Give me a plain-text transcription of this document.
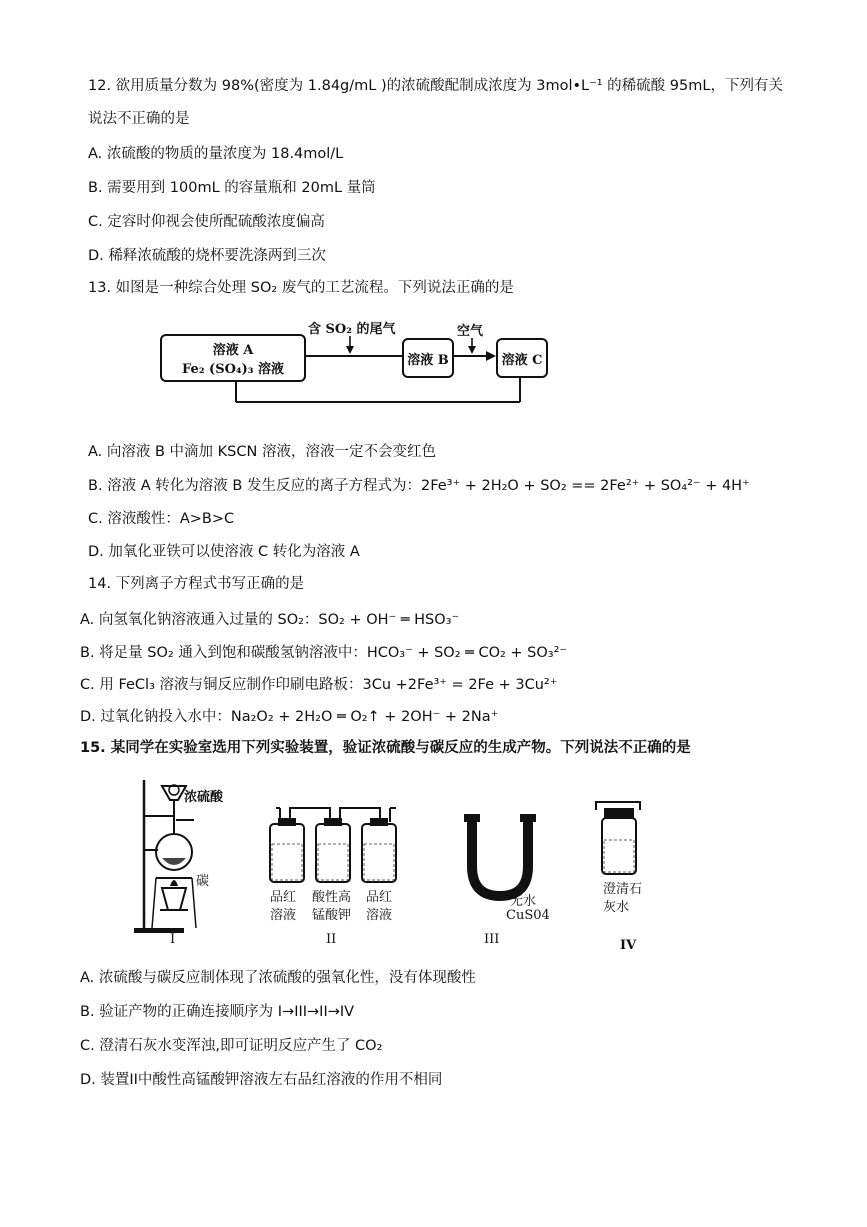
12. 欲用质量分数为 98%(密度为 1.84g/mL )的浓硫酸配制成浓度为 3mol•L⁻¹ 的稀硫酸 95mL，下列有关
说法不正确的是
A. 浓硫酸的物质的量浓度为 18.4mol/L
B. 需要用到 100mL 的容量瓶和 20mL 量筒
C. 定容时仰视会使所配硫酸浓度偏高
D. 稀释浓硫酸的烧杯要洗涤两到三次
13. 如图是一种综合处理 SO₂ 废气的工艺流程。下列说法正确的是
溶液 A
Fe₂ (SO₄)₃ 溶液
溶液 B	溶液 C
含 SO₂ 的尾气	空气
A. 向溶液 B 中滴加 KSCN 溶液，溶液一定不会变红色
B. 溶液 A 转化为溶液 B 发生反应的离子方程式为：2Fe³⁺ + 2H₂O + SO₂ == 2Fe²⁺ + SO₄²⁻ + 4H⁺
C. 溶液酸性：A>B>C
D. 加氧化亚铁可以使溶液 C 转化为溶液 A
14. 下列离子方程式书写正确的是
A. 向氢氧化钠溶液通入过量的 SO₂：SO₂ + OH⁻ ═ HSO₃⁻
B. 将足量 SO₂ 通入到饱和碳酸氢钠溶液中：HCO₃⁻ + SO₂ ═ CO₂ + SO₃²⁻
C. 用 FeCl₃ 溶液与铜反应制作印刷电路板：3Cu +2Fe³⁺ = 2Fe + 3Cu²⁺
D. 过氧化钠投入水中：Na₂O₂ + 2H₂O ═ O₂↑ + 2OH⁻ + 2Na⁺
15. 某同学在实验室选用下列实验装置，验证浓硫酸与碳反应的生成产物。下列说法不正确的是
浓硫酸
碳
品红
溶液
酸性高
锰酸钾
品红
溶液
无水
CuS04
澄清石
灰水
I	II	III	IV
A. 浓硫酸与碳反应制体现了浓硫酸的强氧化性，没有体现酸性
B. 验证产物的正确连接顺序为 I→III→II→IV
C. 澄清石灰水变浑浊,即可证明反应产生了 CO₂
D. 装置II中酸性高锰酸钾溶液左右品红溶液的作用不相同
